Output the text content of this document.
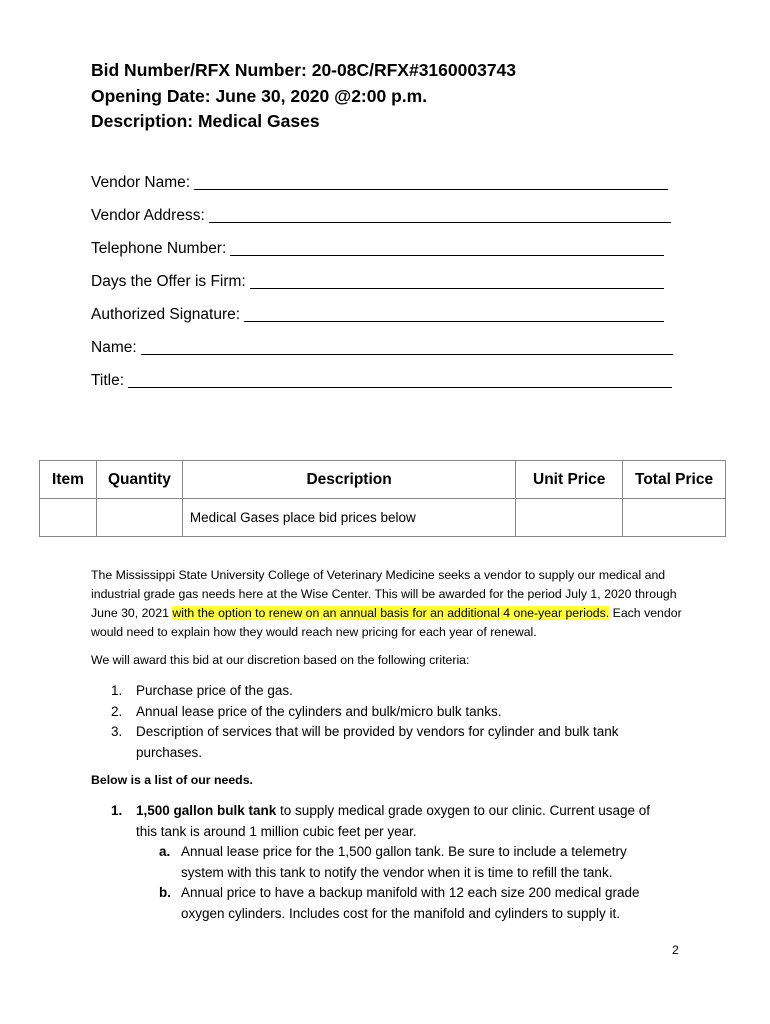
Bid Number/RFX Number: 20-08C/RFX#3160003743
Opening Date: June 30, 2020 @2:00 p.m.
Description: Medical Gases
Vendor Name:
Vendor Address:
Telephone Number:
Days the Offer is Firm:
Authorized Signature:
Name:
Title:
Item	Quantity	Description	Unit Price	Total Price
		Medical Gases place bid prices below		

The Mississippi State University College of Veterinary Medicine seeks a vendor to supply our medical and industrial grade gas needs here at the Wise Center. This will be awarded for the period July 1, 2020 through June 30, 2021 with the option to renew on an annual basis for an additional 4 one-year periods. Each vendor would need to explain how they would reach new pricing for each year of renewal.

We will award this bid at our discretion based on the following criteria:

1. Purchase price of the gas.
2. Annual lease price of the cylinders and bulk/micro bulk tanks.
3. Description of services that will be provided by vendors for cylinder and bulk tank purchases.
Below is a list of our needs.
1. 1,500 gallon bulk tank to supply medical grade oxygen to our clinic. Current usage of this tank is around 1 million cubic feet per year.
a. Annual lease price for the 1,500 gallon tank. Be sure to include a telemetry system with this tank to notify the vendor when it is time to refill the tank.
b. Annual price to have a backup manifold with 12 each size 200 medical grade oxygen cylinders. Includes cost for the manifold and cylinders to supply it.
2
